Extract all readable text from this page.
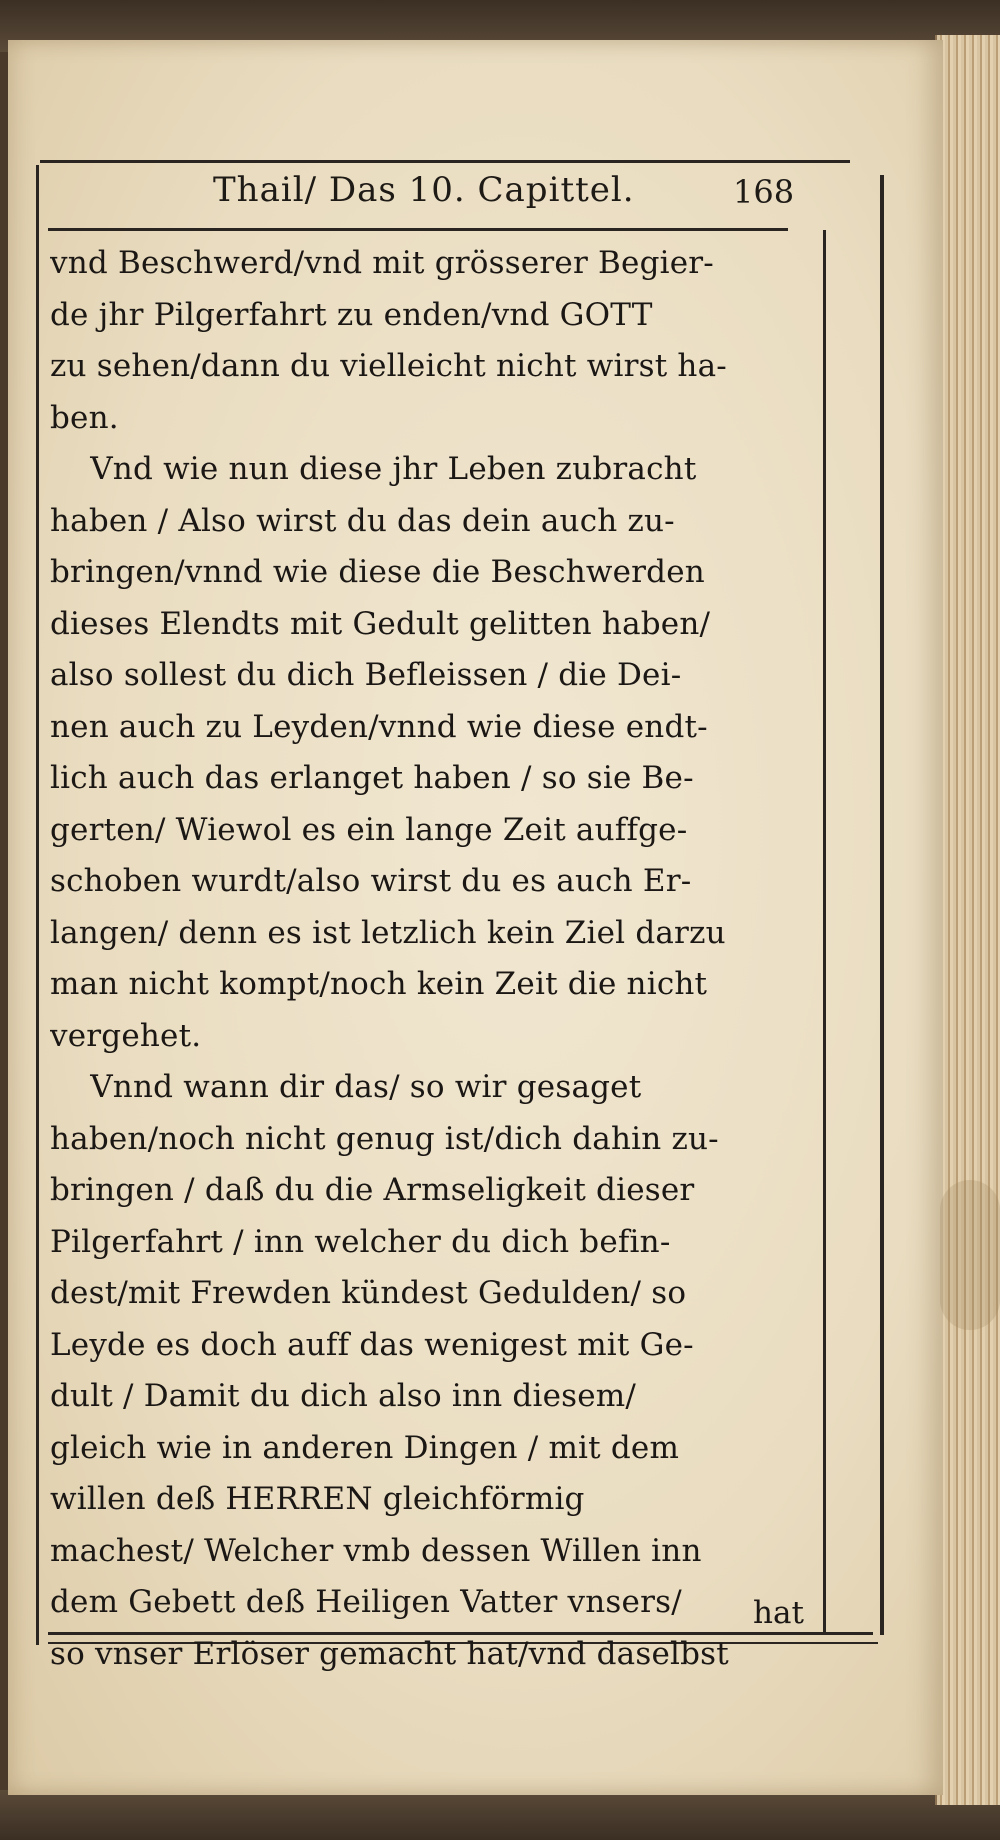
Thail/ Das 10. Capittel.	168
vnd Beschwerd/vnd mit grösserer Begier-
de jhr Pilgerfahrt zu enden/vnd GOTT
zu sehen/dann du vielleicht nicht wirst ha-
ben.
Vnd wie nun diese jhr Leben zubracht
haben / Also wirst du das dein auch zu-
bringen/vnnd wie diese die Beschwerden
dieses Elendts mit Gedult gelitten haben/
also sollest du dich Befleissen / die Dei-
nen auch zu Leyden/vnnd wie diese endt-
lich auch das erlanget haben / so sie Be-
gerten/ Wiewol es ein lange Zeit auffge-
schoben wurdt/also wirst du es auch Er-
langen/ denn es ist letzlich kein Ziel darzu
man nicht kompt/noch kein Zeit die nicht
vergehet.
Vnnd wann dir das/ so wir gesaget
haben/noch nicht genug ist/dich dahin zu-
bringen / daß du die Armseligkeit dieser
Pilgerfahrt / inn welcher du dich befin-
dest/mit Frewden kündest Gedulden/ so
Leyde es doch auff das wenigest mit Ge-
dult / Damit du dich also inn diesem/
gleich wie in anderen Dingen / mit dem
willen deß HERREN gleichförmig
machest/ Welcher vmb dessen Willen inn
dem Gebett deß Heiligen Vatter vnsers/
so vnser Erlöser gemacht hat/vnd daselbst
hat
